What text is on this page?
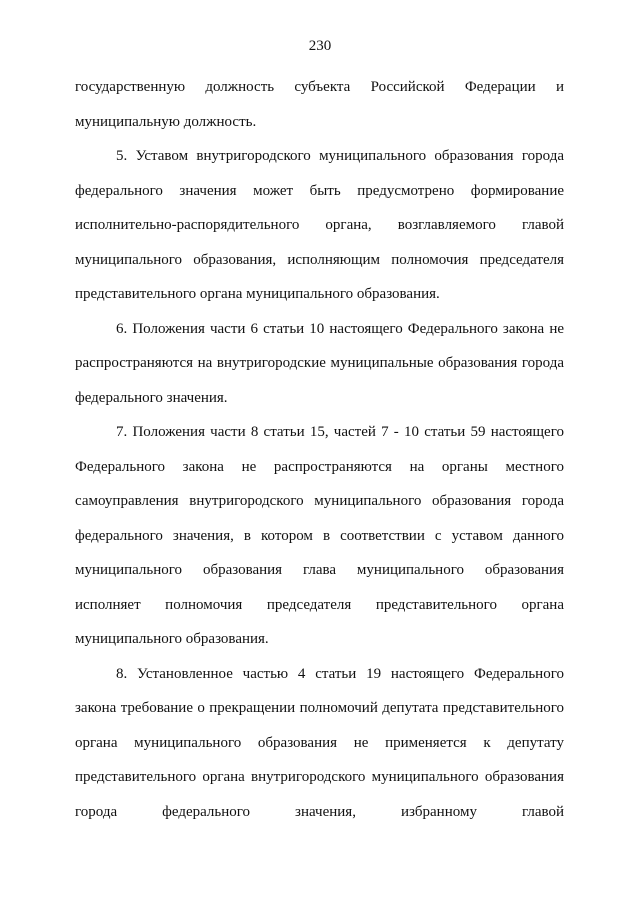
230

государственную должность субъекта Российской Федерации и муниципальную должность.

5. Уставом внутригородского муниципального образования города федерального значения может быть предусмотрено формирование исполнительно-распорядительного органа, возглавляемого главой муниципального образования, исполняющим полномочия председателя представительного органа муниципального образования.

6. Положения части 6 статьи 10 настоящего Федерального закона не распространяются на внутригородские муниципальные образования города федерального значения.

7. Положения части 8 статьи 15, частей 7 - 10 статьи 59 настоящего Федерального закона не распространяются на органы местного самоуправления внутригородского муниципального образования города федерального значения, в котором в соответствии с уставом данного муниципального образования глава муниципального образования исполняет полномочия председателя представительного органа муниципального образования.

8. Установленное частью 4 статьи 19 настоящего Федерального закона требование о прекращении полномочий депутата представительного органа муниципального образования не применяется к депутату представительного органа внутригородского муниципального образования города федерального значения, избранному главой
